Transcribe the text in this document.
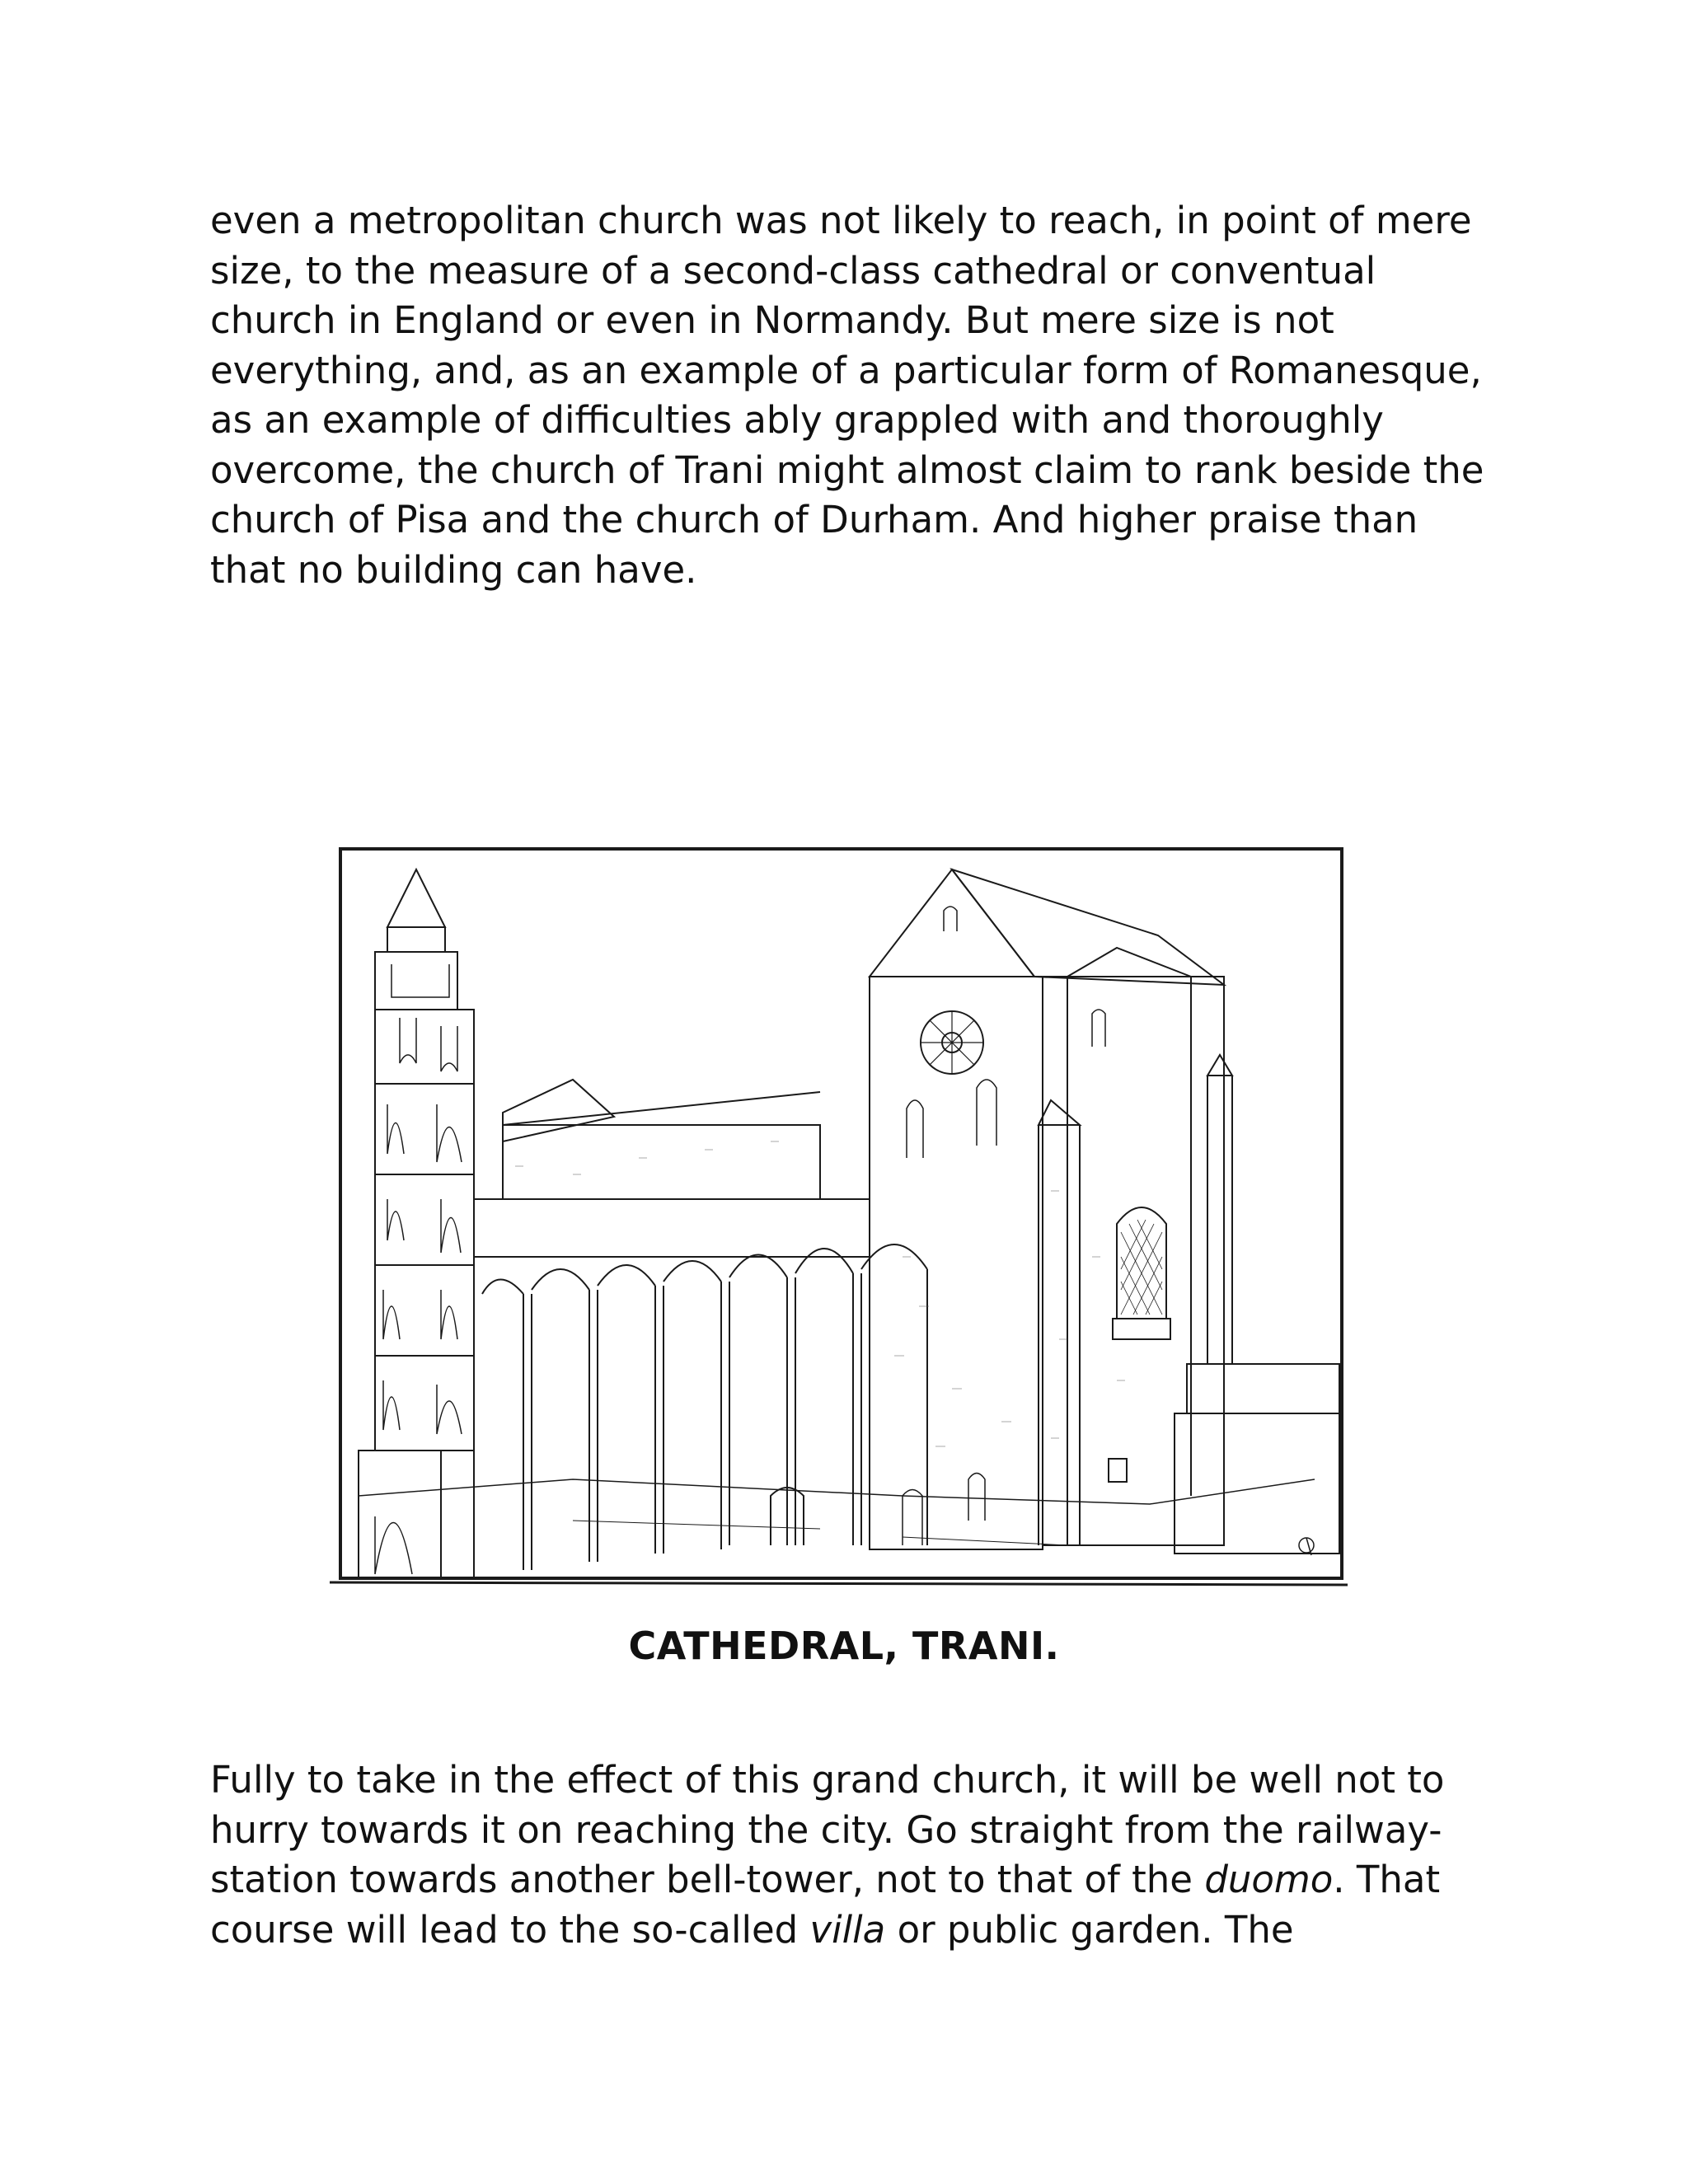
even a metropolitan church was not likely to reach, in point of mere
size, to the measure of a second-class cathedral or conventual
church in England or even in Normandy. But mere size is not
everything, and, as an example of a particular form of Romanesque,
as an example of difficulties ably grappled with and thoroughly
overcome, the church of Trani might almost claim to rank beside the
church of Pisa and the church of Durham. And higher praise than
that no building can have.
CATHEDRAL, TRANI.
Fully to take in the effect of this grand church, it will be well not to
hurry towards it on reaching the city. Go straight from the railway-
station towards another bell-tower, not to that of the duomo. That
course will lead to the so-called villa or public garden. The
